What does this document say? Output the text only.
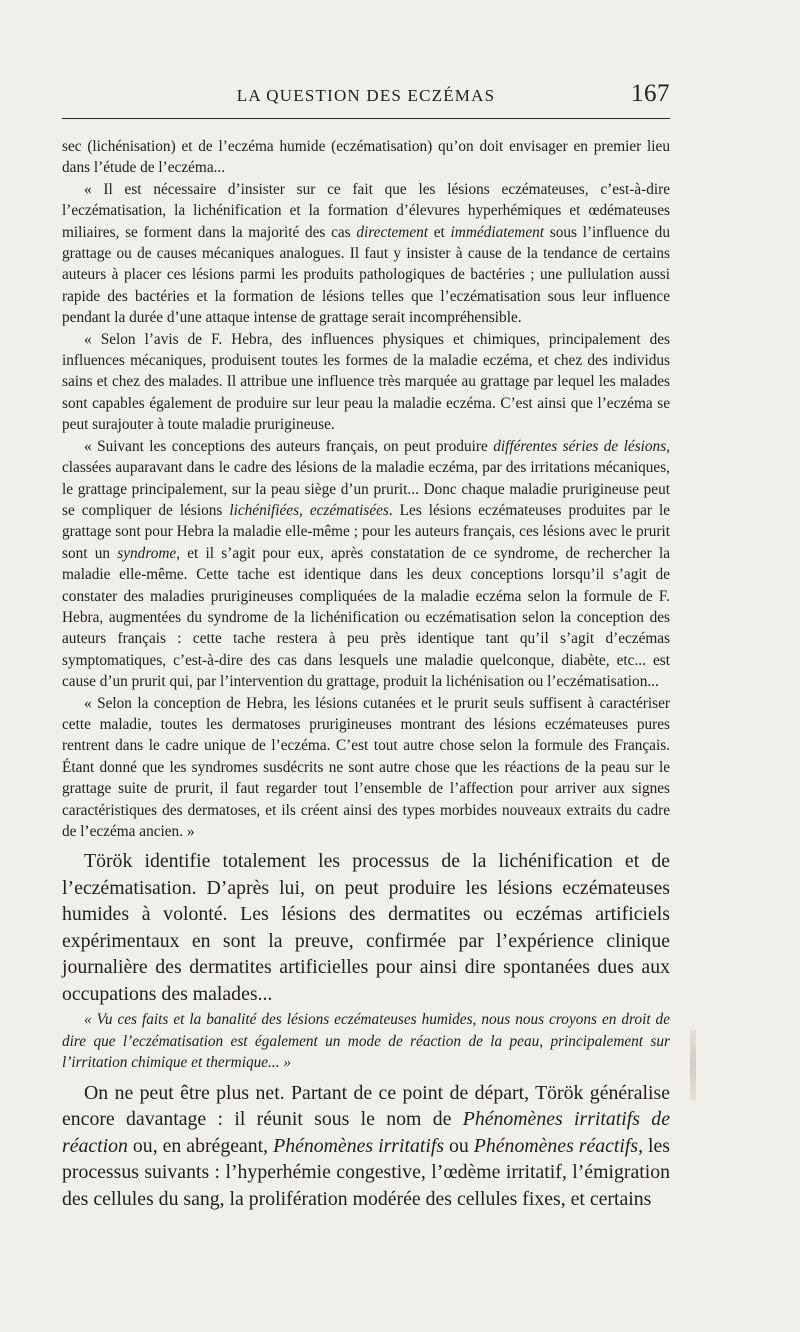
LA QUESTION DES ECZÉMAS	167

sec (lichénisation) et de l’eczéma humide (eczématisation) qu’on doit envisager en premier lieu dans l’étude de l’eczéma...

« Il est nécessaire d’insister sur ce fait que les lésions eczémateuses, c’est-à-dire l’eczématisation, la lichénification et la formation d’élevures hyperhémiques et œdémateuses miliaires, se forment dans la majorité des cas directement et immédiatement sous l’influence du grattage ou de causes mécaniques analogues. Il faut y insister à cause de la tendance de certains auteurs à placer ces lésions parmi les produits pathologiques de bactéries ; une pullulation aussi rapide des bactéries et la formation de lésions telles que l’eczématisation sous leur influence pendant la durée d’une attaque intense de grattage serait incompréhensible.

« Selon l’avis de F. Hebra, des influences physiques et chimiques, principalement des influences mécaniques, produisent toutes les formes de la maladie eczéma, et chez des individus sains et chez des malades. Il attribue une influence très marquée au grattage par lequel les malades sont capables également de produire sur leur peau la maladie eczéma. C’est ainsi que l’eczéma se peut surajouter à toute maladie prurigineuse.

« Suivant les conceptions des auteurs français, on peut produire différentes séries de lésions, classées auparavant dans le cadre des lésions de la maladie eczéma, par des irritations mécaniques, le grattage principalement, sur la peau siège d’un prurit... Donc chaque maladie prurigineuse peut se compliquer de lésions lichénifiées, eczématisées. Les lésions eczémateuses produites par le grattage sont pour Hebra la maladie elle-même ; pour les auteurs français, ces lésions avec le prurit sont un syndrome, et il s’agit pour eux, après constatation de ce syndrome, de rechercher la maladie elle-même. Cette tache est identique dans les deux conceptions lorsqu’il s’agit de constater des maladies prurigineuses compliquées de la maladie eczéma selon la formule de F. Hebra, augmentées du syndrome de la lichénification ou eczématisation selon la conception des auteurs français : cette tache restera à peu près identique tant qu’il s’agit d’eczémas symptomatiques, c’est-à-dire des cas dans lesquels une maladie quelconque, diabète, etc... est cause d’un prurit qui, par l’intervention du grattage, produit la lichénisation ou l’eczématisation...

« Selon la conception de Hebra, les lésions cutanées et le prurit seuls suffisent à caractériser cette maladie, toutes les dermatoses prurigineuses montrant des lésions eczémateuses pures rentrent dans le cadre unique de l’eczéma. C’est tout autre chose selon la formule des Français. Étant donné que les syndromes susdécrits ne sont autre chose que les réactions de la peau sur le grattage suite de prurit, il faut regarder tout l’ensemble de l’affection pour arriver aux signes caractéristiques des dermatoses, et ils créent ainsi des types morbides nouveaux extraits du cadre de l’eczéma ancien. »

Török identifie totalement les processus de la lichénification et de l’eczématisation. D’après lui, on peut produire les lésions eczémateuses humides à volonté. Les lésions des dermatites ou eczémas artificiels expérimentaux en sont la preuve, confirmée par l’expérience clinique journalière des dermatites artificielles pour ainsi dire spontanées dues aux occupations des malades...

« Vu ces faits et la banalité des lésions eczémateuses humides, nous nous croyons en droit de dire que l’eczématisation est également un mode de réaction de la peau, principalement sur l’irritation chimique et thermique... »

On ne peut être plus net. Partant de ce point de départ, Török généralise encore davantage : il réunit sous le nom de Phénomènes irritatifs de réaction ou, en abrégeant, Phénomènes irritatifs ou Phénomènes réactifs, les processus suivants : l’hyperhémie congestive, l’œdème irritatif, l’émigration des cellules du sang, la prolifération modérée des cellules fixes, et certains
